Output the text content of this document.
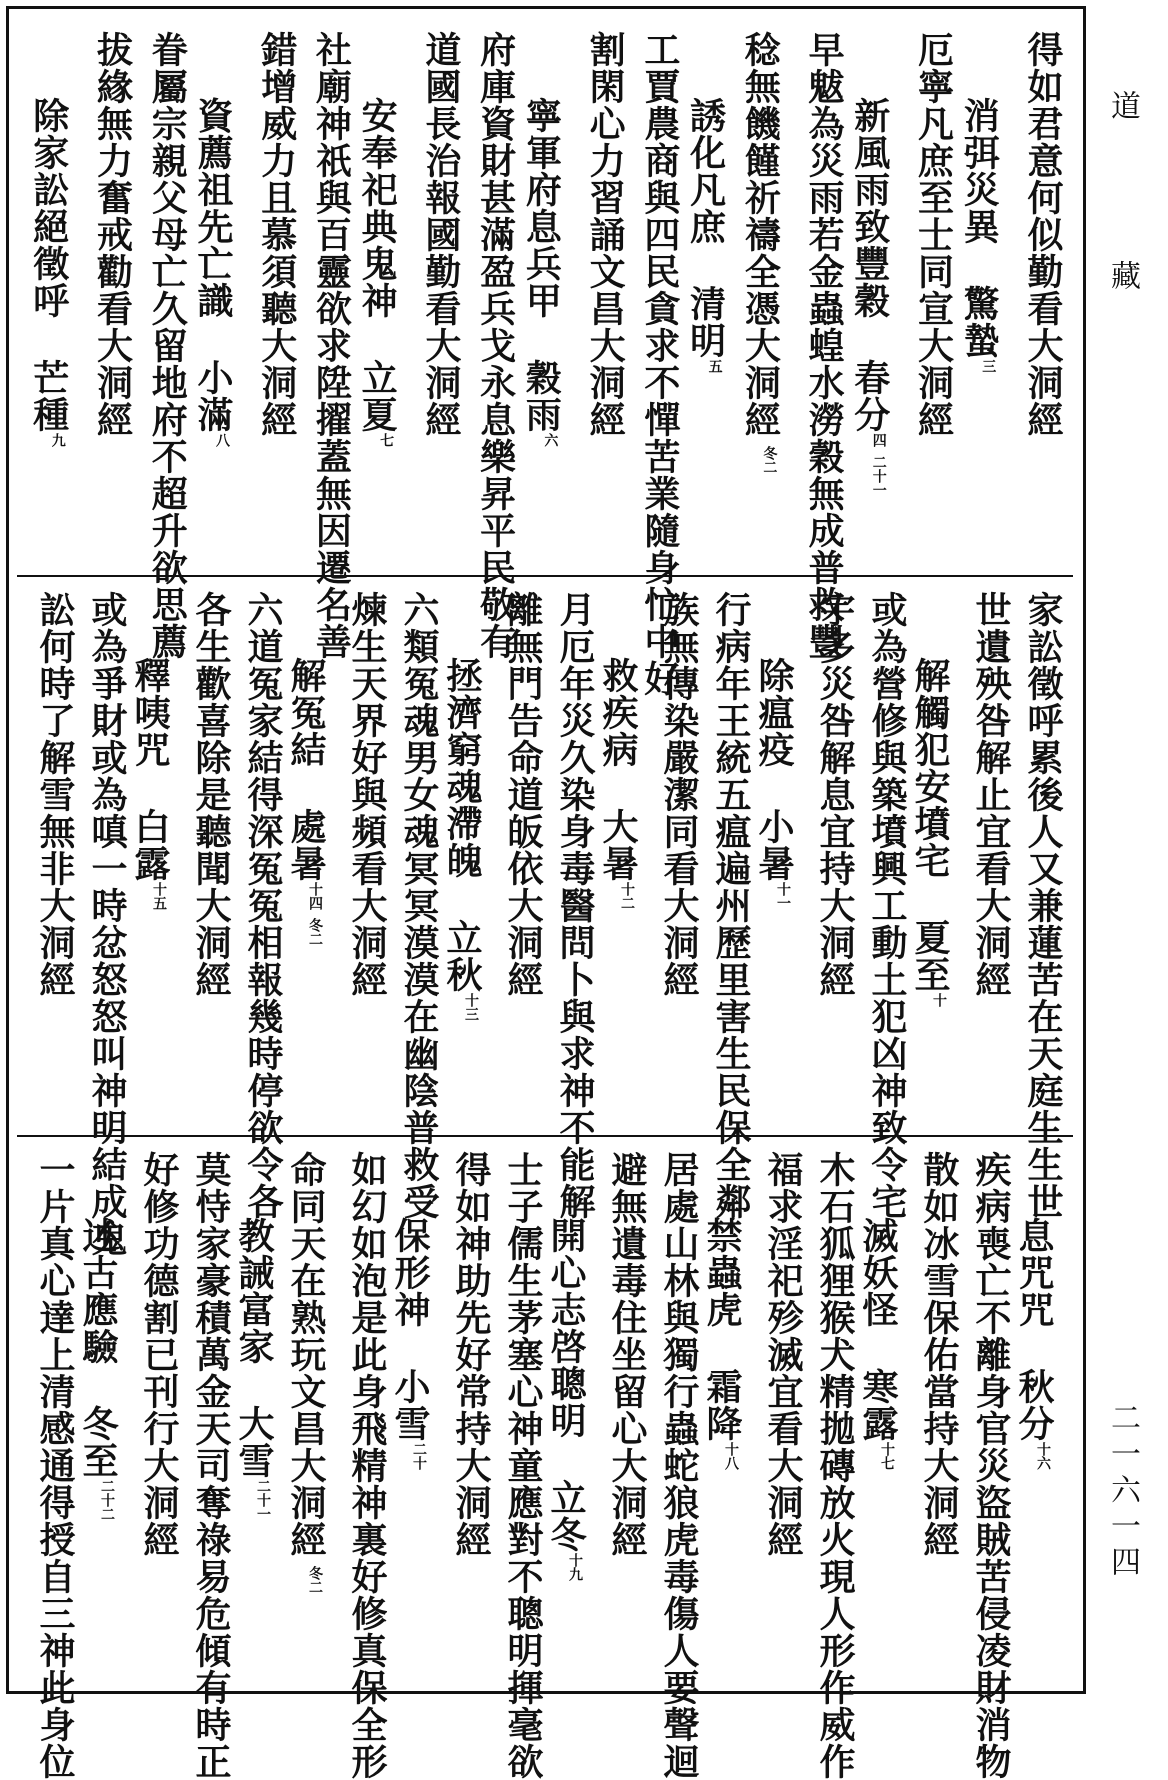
得如君意何似勤看大洞經
消弭災異驚蟄三
厄寧凡庶至士同宣大洞經
新風雨致豐穀春分四二十一
早魃為災雨若金蟲蝗水澇穀無成普救豐
稔無饑饉祈禱全憑大洞經冬二
誘化凡庶清明五
工賈農商與四民貪求不憚苦業隨身忙中好
割閑心力習誦文昌大洞經
寧軍府息兵甲穀雨六
府庫資財甚滿盈兵戈永息樂昇平民敬有
道國長治報國勤看大洞經
安奉祀典鬼神立夏七
社廟神祇與百靈欲求陞擢蓋無因遷名善
錯增威力且慕須聽大洞經
資薦祖先亡識小滿八
眷屬宗親父母亡久留地府不超升欲思薦
拔緣無力奮戒勸看大洞經
除家訟絕徵呼芒種九
家訟徵呼累後人又兼蓮苦在天庭生生世
世遺殃咎解止宜看大洞經
解觸犯安墳宅夏至十
或為營修與築墳興工動土犯凶神致令宅
宇多災咎解息宜持大洞經
除瘟疫小暑十一
行病年王統五瘟遍州歷里害生民保全鄰
族無傳染嚴潔同看大洞經
救疾病大暑十二
月厄年災久染身毒醫問卜與求神不能解
離無門告命道皈依大洞經
拯濟窮魂滯魄立秋十三
六類冤魂男女魂冥冥漠漠在幽陰普救受
煉生天界好與頻看大洞經
解冤結處暑十四冬二
六道冤家結得深冤冤相報幾時停欲令各
各生歡喜除是聽聞大洞經
釋咦咒白露十五
或為爭財或為嗔一時忿怒怒叫神明結成鬼
訟何時了解雪無非大洞經
息咒咒秋分十六
疾病喪亡不離身官災盜賊苦侵凌財消物
散如冰雪保佑當持大洞經
滅妖怪寒露十七
木石狐狸猴犬精拋磚放火現人形作威作
福求淫祀殄滅宜看大洞經
禁蟲虎霜降十八
居處山林與獨行蟲蛇狼虎毒傷人要聲迴
避無遺毒住坐留心大洞經
開心志啓聰明立冬十九
士子儒生茅塞心神童應對不聰明揮毫欲
得如神助先好常持大洞經
保形神小雪二十
如幻如泡是此身飛精神裏好修真保全形
命同天在熟玩文昌大洞經冬二
教誡富家大雪二十一
莫恃家豪積萬金天司奪祿易危傾有時正
好修功德割已刊行大洞經
述古應驗冬至二十二
一片真心達上清感通得授自三神此身位
道藏
二一六一四
